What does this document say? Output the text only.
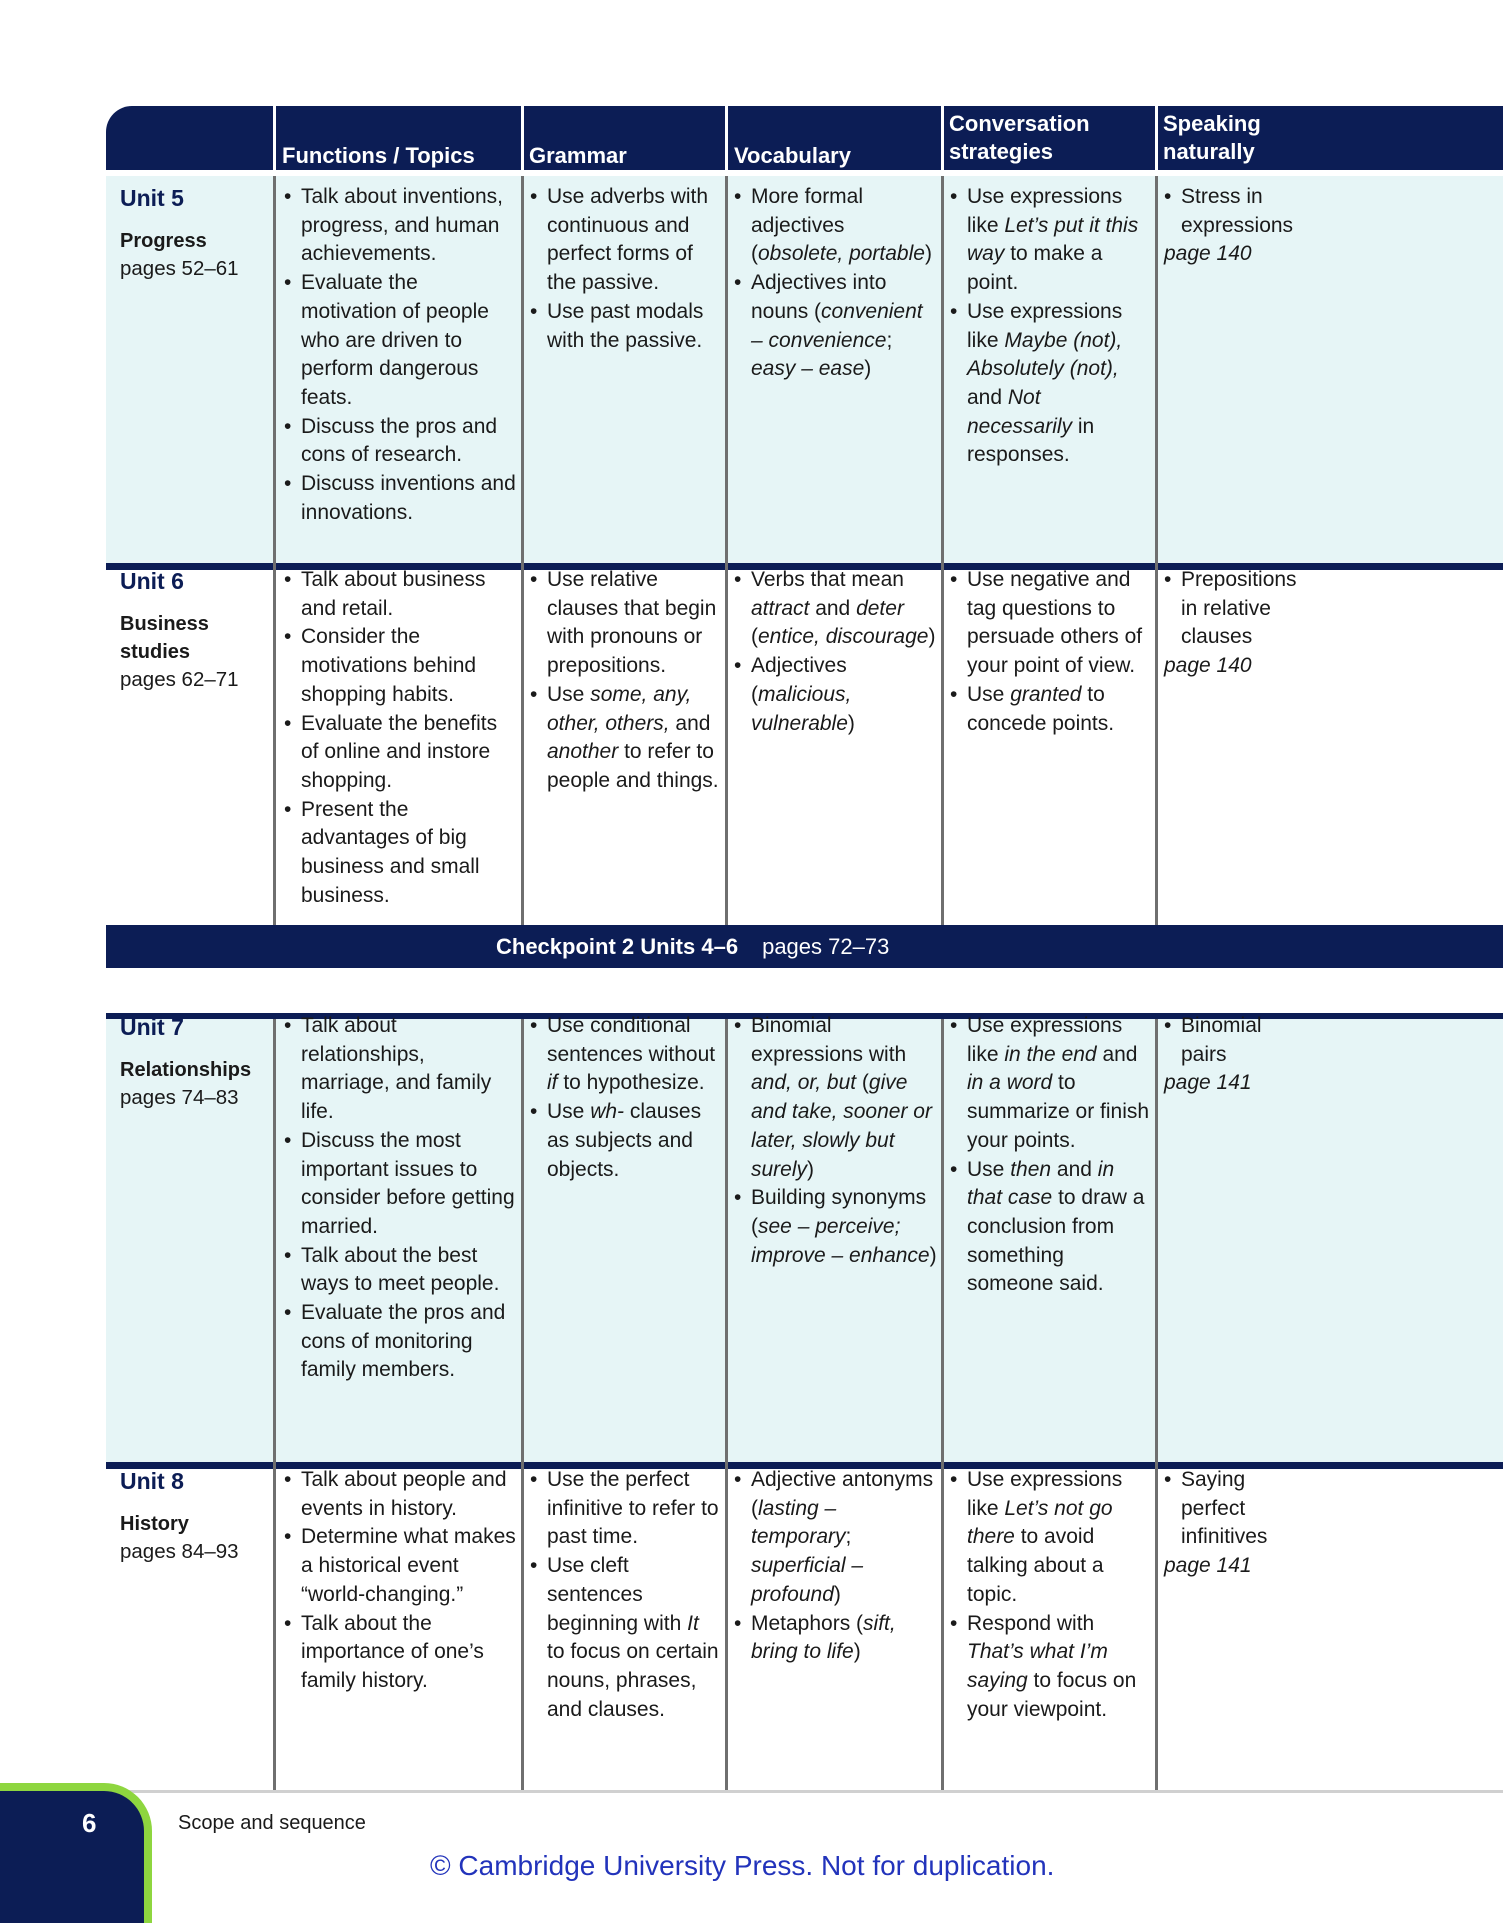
Functions / Topics Grammar	Vocabulary
Conversation
strategies
Speaking
naturally
Unit 5
Progress
pages 52–61
• Talk about inventions, progress, and human achievements.
• Evaluate the motivation of people who are driven to perform dangerous feats.
• Discuss the pros and cons of research.
• Discuss inventions and innovations.
• Use adverbs with continuous and perfect forms of the passive.
• Use past modals with the passive.
• More formal adjectives (obsolete, portable)
• Adjectives into nouns (convenient – convenience; easy – ease)
• Use expressions like Let’s put it this way to make a point.
• Use expressions like Maybe (not), Absolutely (not), and Not necessarily in responses.
• Stress in
expressions
page 140
Unit 6
Business
studies
pages 62–71
• Talk about business and retail.
• Consider the motivations behind shopping habits.
• Evaluate the benefits of online and instore shopping.
• Present the advantages of big business and small business.
• Use relative clauses that begin with pronouns or prepositions.
• Use some, any, other, others, and another to refer to people and things.
• Verbs that mean attract and deter (entice, discourage)
• Adjectives (malicious, vulnerable)
• Use negative and tag questions to persuade others of your point of view.
• Use granted to concede points.
• Prepositions
in relative
clauses
page 140
Checkpoint 2 Units 4–6 pages 72–73
Unit 7
Relationships
pages 74–83
• Talk about relationships, marriage, and family life.
• Discuss the most important issues to consider before getting married.
• Talk about the best ways to meet people.
• Evaluate the pros and cons of monitoring family members.
• Use conditional sentences without if to hypothesize.
• Use wh- clauses as subjects and objects.
• Binomial expressions with and, or, but (give and take, sooner or later, slowly but surely)
• Building synonyms (see – perceive; improve – enhance)
• Use expressions like in the end and in a word to summarize or finish your points.
• Use then and in that case to draw a conclusion from something someone said.
• Binomial
pairs
page 141
Unit 8
History
pages 84–93
• Talk about people and events in history.
• Determine what makes a historical event “world-changing.”
• Talk about the importance of one’s family history.
• Use the perfect infinitive to refer to past time.
• Use cleft sentences beginning with It to focus on certain nouns, phrases, and clauses.
• Adjective antonyms (lasting – temporary; superficial – profound)
• Metaphors (sift, bring to life)
• Use expressions like Let’s not go there to avoid talking about a topic.
• Respond with That’s what I’m saying to focus on your viewpoint.
• Saying
perfect
infinitives
page 141
6	Scope and sequence
© Cambridge University Press. Not for duplication.
